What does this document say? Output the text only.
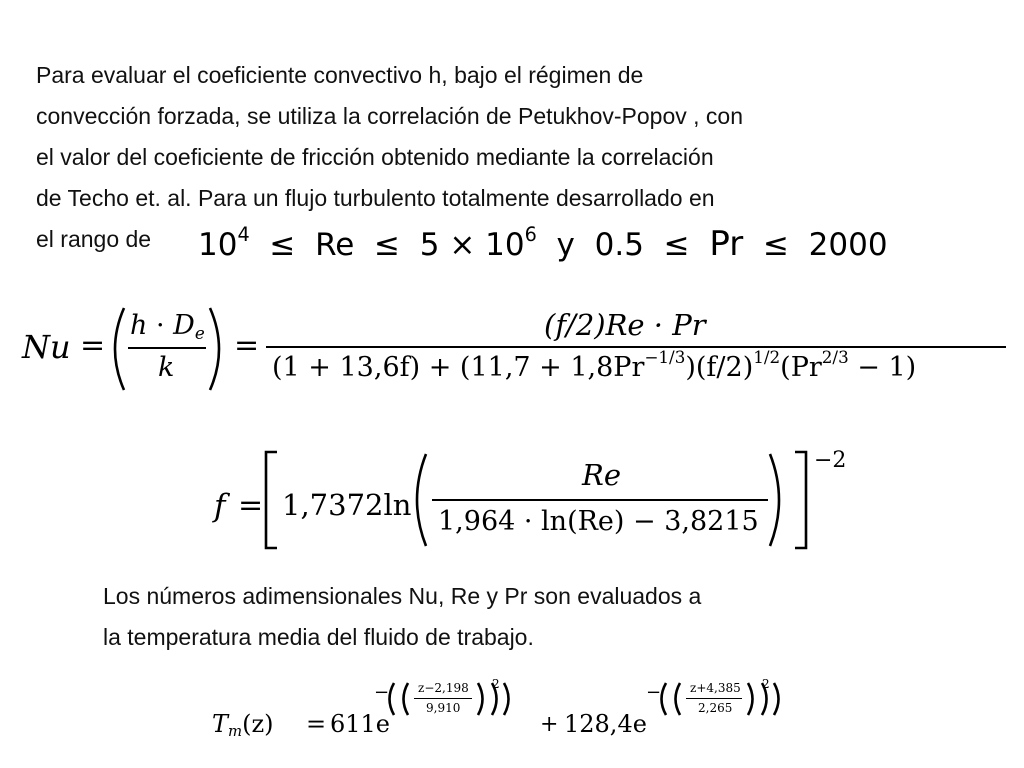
Para evaluar el coeficiente convectivo h, bajo el régimen de
convección forzada, se utiliza la correlación de Petukhov-Popov , con
el valor del coeficiente de fricción obtenido mediante la correlación
de Techo et. al. Para un flujo turbulento totalmente desarrollado en
el rango de	$10^4 \le Re \le 5 \times 10^6$ y 0.5 ≤ Pr ≤ 2000
Nu =
$h \cdot D_e$
k
=
(f/2)Re · Pr
$(1 + 13,6f) + (11,7 + 1,8Pr^{-1/3})(f/2)^{1/2}(Pr^{2/3} - 1)$
f = 1,7372ln
Re
1,964 · ln(Re) − 3,8215
−2
Los números adimensionales Nu, Re y Pr son evaluados a
la temperatura media del fluido de trabajo.
$T_m(z) = 611e$
− z−2,198
9,910
2
+ 128,4e
− z+4,385
2,265
2
